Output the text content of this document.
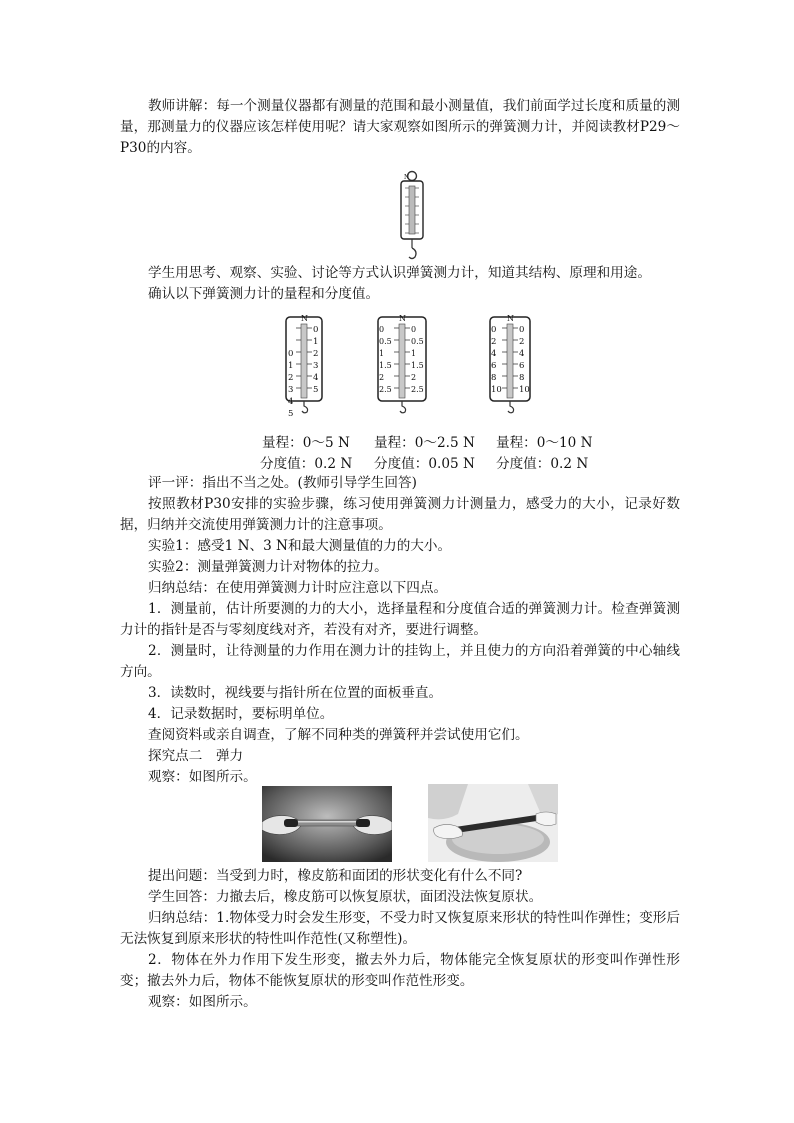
教师讲解：每一个测量仪器都有测量的范围和最小测量值，我们前面学过长度和质量的测量，那测量力的仪器应该怎样使用呢？请大家观察如图所示的弹簧测力计，并阅读教材P29～P30的内容。

N

学生用思考、观察、实验、讨论等方式认识弹簧测力计，知道其结构、原理和用途。

确认以下弹簧测力计的量程和分度值。

N

0
1
2
3
4
5

0
1
2
3
4
5
N
0
0.5
1
1.5
2
2.5
0
0.5
1
1.5
2
2.5
N
0
2
4
6
8
10
0
2
4
6
8
10
量程：0～5 N 量程：0～2.5 N 量程：0～10 N
分度值：0.2 N 分度值：0.05 N 分度值：0.2 N

评一评：指出不当之处。(教师引导学生回答)

按照教材P30安排的实验步骤，练习使用弹簧测力计测量力，感受力的大小，记录好数据，归纳并交流使用弹簧测力计的注意事项。

实验1：感受1 N、3 N和最大测量值的力的大小。

实验2：测量弹簧测力计对物体的拉力。

归纳总结：在使用弹簧测力计时应注意以下四点。

1．测量前，估计所要测的力的大小，选择量程和分度值合适的弹簧测力计。检查弹簧测力计的指针是否与零刻度线对齐，若没有对齐，要进行调整。

2．测量时，让待测量的力作用在测力计的挂钩上，并且使力的方向沿着弹簧的中心轴线方向。

3．读数时，视线要与指针所在位置的面板垂直。

4．记录数据时，要标明单位。

查阅资料或亲自调查，了解不同种类的弹簧秤并尝试使用它们。

探究点二　弹力

观察：如图所示。

提出问题：当受到力时，橡皮筋和面团的形状变化有什么不同?

学生回答：力撤去后，橡皮筋可以恢复原状，面团没法恢复原状。

归纳总结：1.物体受力时会发生形变，不受力时又恢复原来形状的特性叫作弹性；变形后无法恢复到原来形状的特性叫作范性(又称塑性)。

2．物体在外力作用下发生形变，撤去外力后，物体能完全恢复原状的形变叫作弹性形变；撤去外力后，物体不能恢复原状的形变叫作范性形变。

观察：如图所示。
